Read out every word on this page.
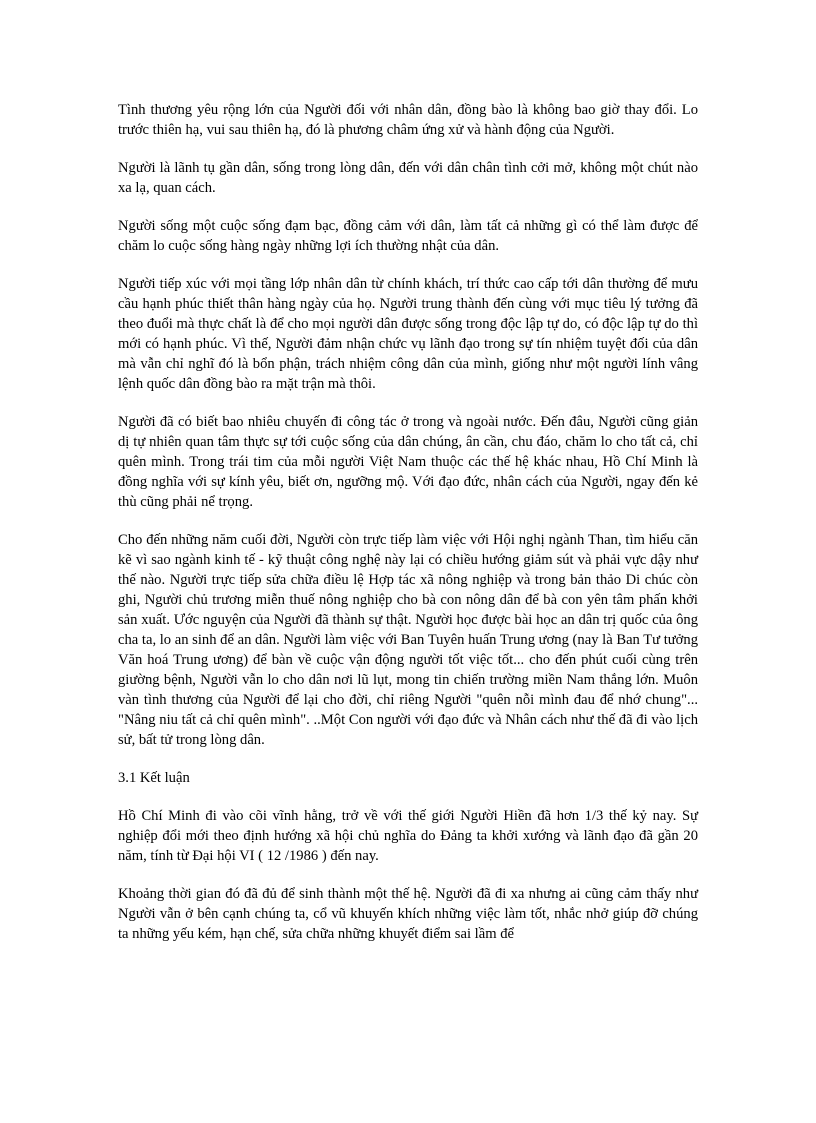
Tình thương yêu rộng lớn của Người đối với nhân dân, đồng bào là không bao giờ thay đổi. Lo trước thiên hạ, vui sau thiên hạ, đó là phương châm ứng xử và hành động của Người.

Người là lãnh tụ gần dân, sống trong lòng dân, đến với dân chân tình cởi mở, không một chút nào xa lạ, quan cách.

Người sống một cuộc sống đạm bạc, đồng cảm với dân, làm tất cả những gì có thể làm được để chăm lo cuộc sống hàng ngày những lợi ích thường nhật của dân.

Người tiếp xúc với mọi tầng lớp nhân dân từ chính khách, trí thức cao cấp tới dân thường để mưu cầu hạnh phúc thiết thân hàng ngày của họ. Người trung thành đến cùng với mục tiêu lý tưởng đã theo đuổi mà thực chất là để cho mọi người dân được sống trong độc lập tự do, có độc lập tự do thì mới có hạnh phúc. Vì thế, Người đảm nhận chức vụ lãnh đạo trong sự tín nhiệm tuyệt đối của dân mà vẫn chỉ nghĩ đó là bổn phận, trách nhiệm công dân của mình, giống như một người lính vâng lệnh quốc dân đồng bào ra mặt trận mà thôi.

Người đã có biết bao nhiêu chuyến đi công tác ở trong và ngoài nước. Đến đâu, Người cũng giản dị tự nhiên quan tâm thực sự tới cuộc sống của dân chúng, ân cần, chu đáo, chăm lo cho tất cả, chỉ quên mình. Trong trái tim của mỗi người Việt Nam thuộc các thế hệ khác nhau, Hồ Chí Minh là đồng nghĩa với sự kính yêu, biết ơn, ngưỡng mộ. Với đạo đức, nhân cách của Người, ngay đến kẻ thù cũng phải nể trọng.

Cho đến những năm cuối đời, Người còn trực tiếp làm việc với Hội nghị ngành Than, tìm hiểu căn kẽ vì sao ngành kinh tế - kỹ thuật công nghệ này lại có chiều hướng giảm sút và phải vực dậy như thế nào. Người trực tiếp sửa chữa điều lệ Hợp tác xã nông nghiệp và trong bản thảo Di chúc còn ghi, Người chủ trương miễn thuế nông nghiệp cho bà con nông dân để bà con yên tâm phấn khởi sản xuất. Ước nguyện của Người đã thành sự thật. Người học được bài học an dân trị quốc của ông cha ta, lo an sinh để an dân. Người làm việc với Ban Tuyên huấn Trung ương (nay là Ban Tư tưởng Văn hoá Trung ương) để bàn về cuộc vận động người tốt việc tốt... cho đến phút cuối cùng trên giường bệnh, Người vẫn lo cho dân nơi lũ lụt, mong tin chiến trường miền Nam thắng lớn. Muôn vàn tình thương của Người để lại cho đời, chỉ riêng Người "quên nỗi mình đau để nhớ chung"... "Nâng niu tất cả chỉ quên mình". ..Một Con người với đạo đức và Nhân cách như thế đã đi vào lịch sử, bất tử trong lòng dân.

3.1 Kết luận

Hồ Chí Minh đi vào cõi vĩnh hằng, trở về với thế giới Người Hiền đã hơn 1/3 thế kỷ nay. Sự nghiệp đổi mới theo định hướng xã hội chủ nghĩa do Đảng ta khởi xướng và lãnh đạo đã gần 20 năm, tính từ Đại hội VI ( 12 /1986 ) đến nay.

Khoảng thời gian đó đã đủ để sinh thành một thế hệ. Người đã đi xa nhưng ai cũng cảm thấy như Người vẫn ở bên cạnh chúng ta, cổ vũ khuyến khích những việc làm tốt, nhắc nhở giúp đỡ chúng ta những yếu kém, hạn chế, sửa chữa những khuyết điểm sai lầm để
